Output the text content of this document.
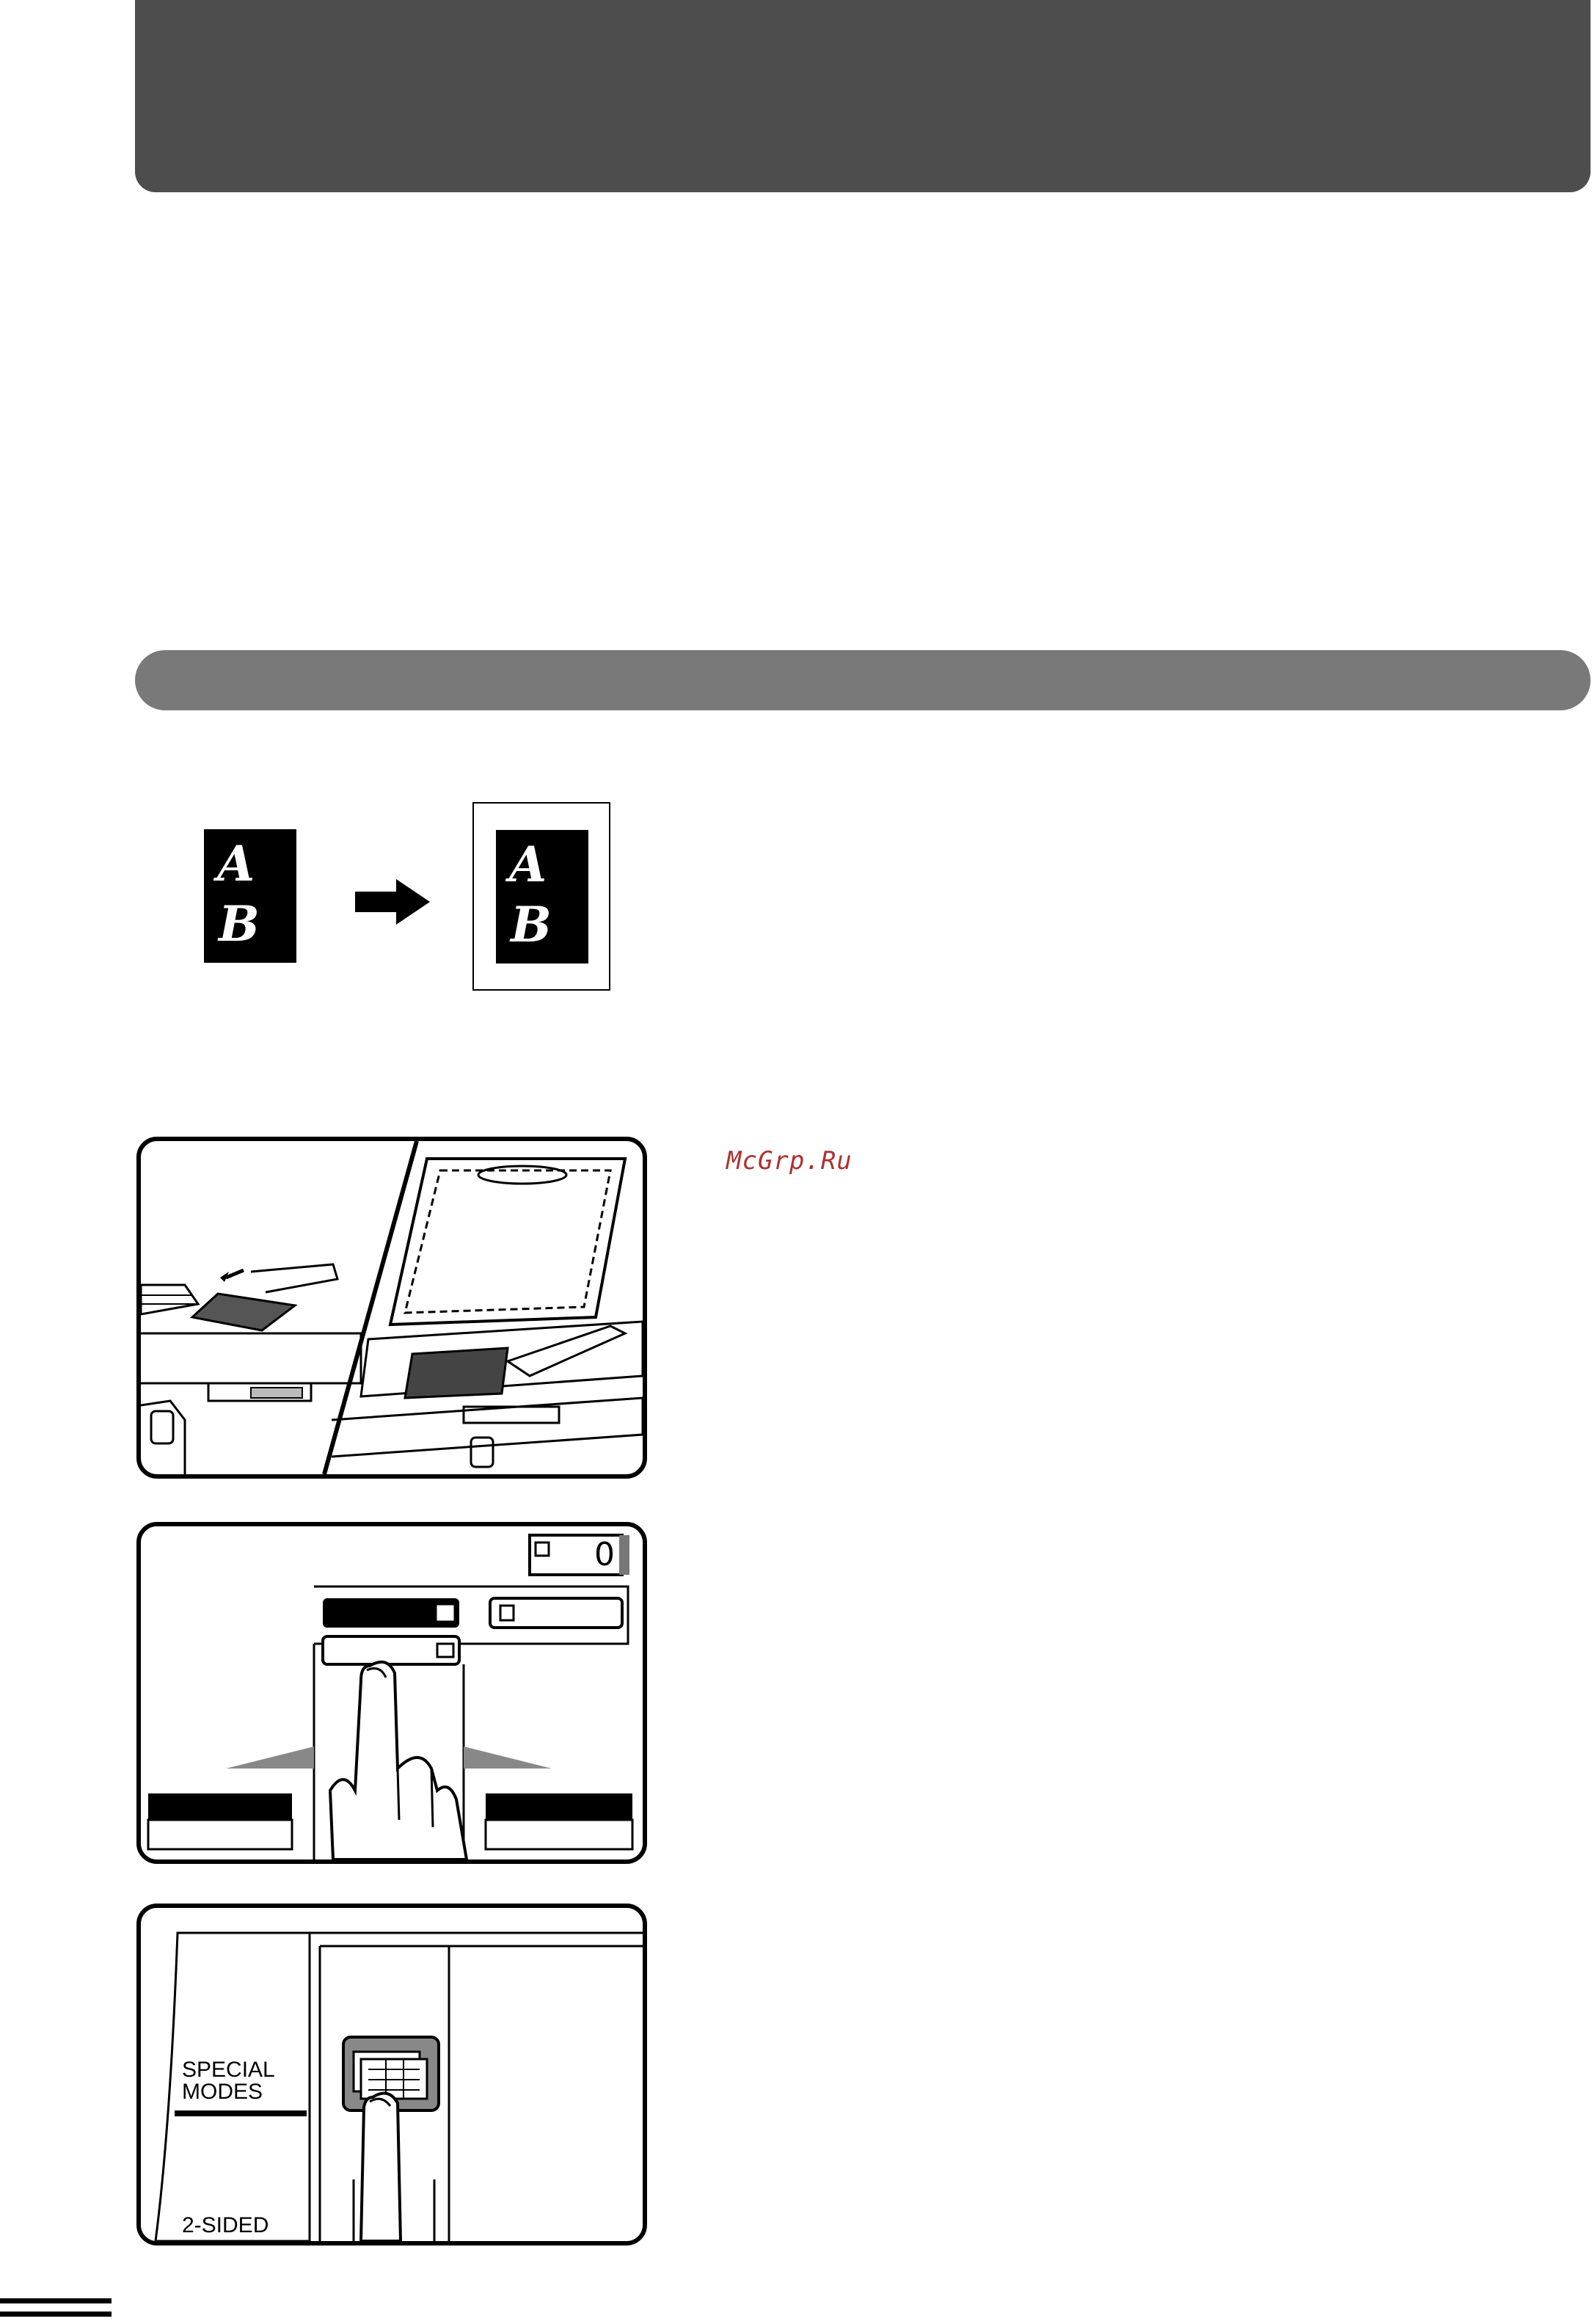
A
B
A
B
McGrp.Ru
0
SPECIAL
MODES
2-SIDED
